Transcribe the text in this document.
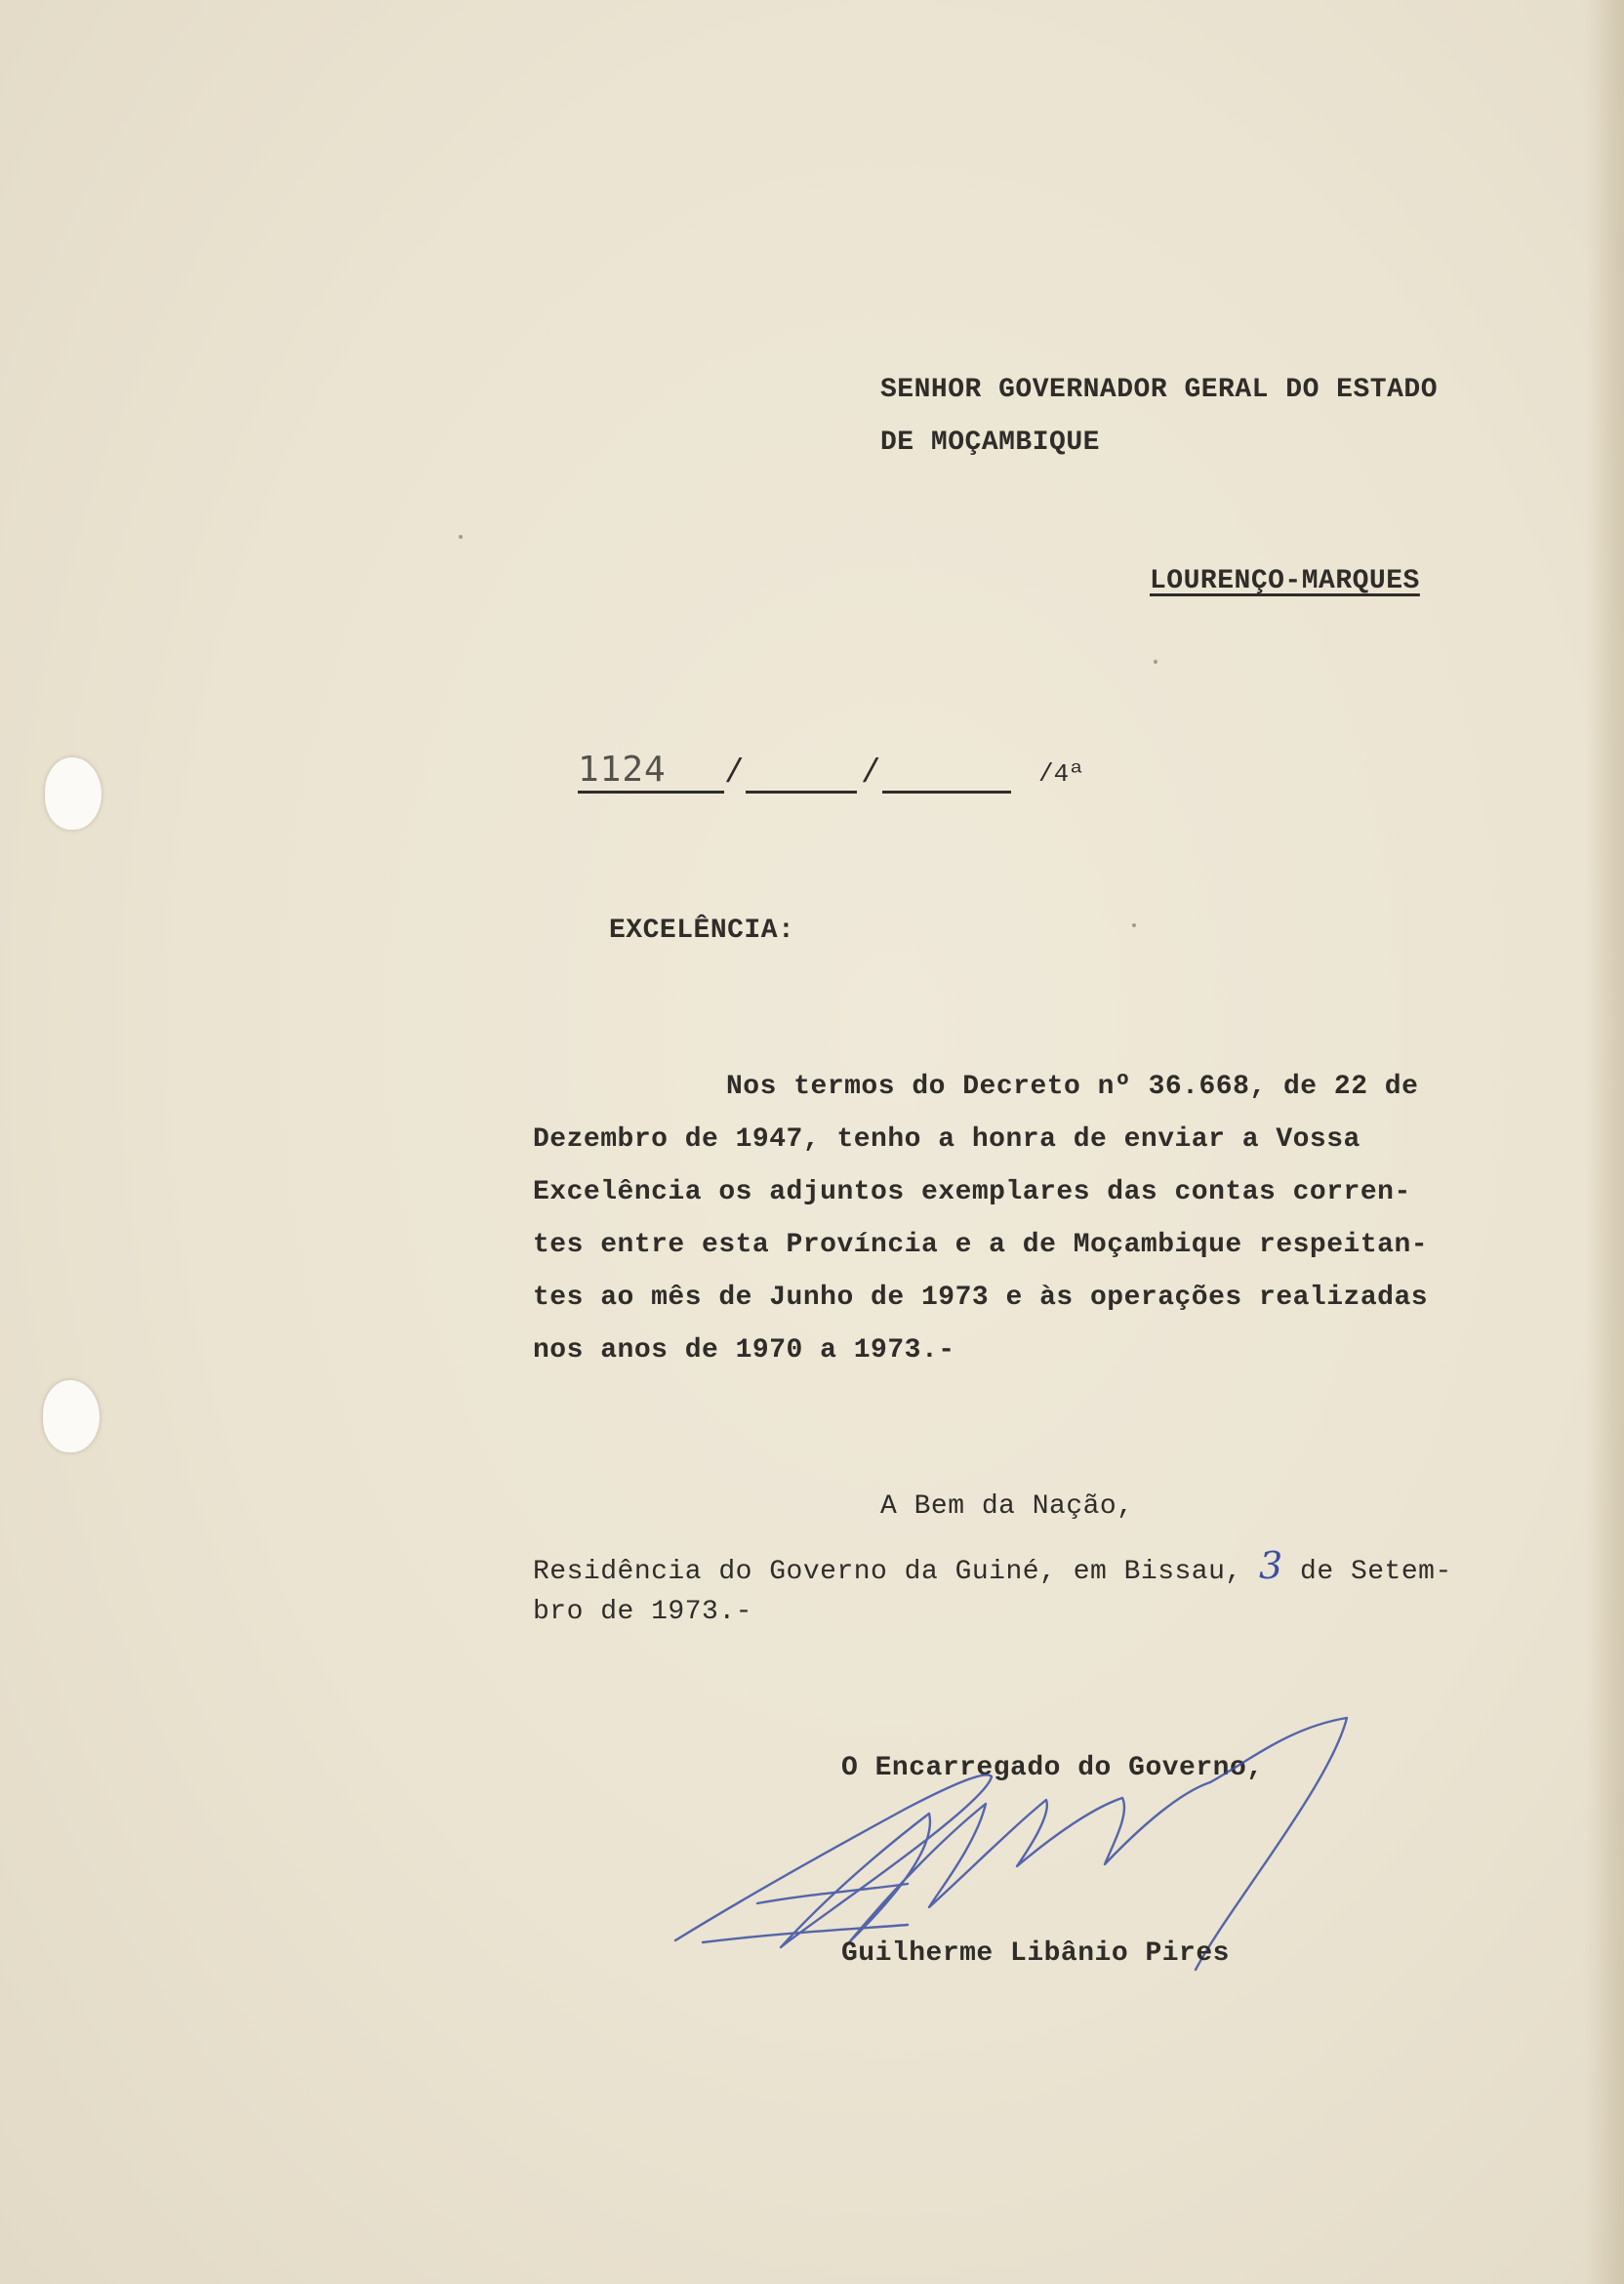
SENHOR GOVERNADOR GERAL DO ESTADO
DE MOÇAMBIQUE
LOURENÇO-MARQUES
1124 /	/	/4ª
EXCELÊNCIA:
Nos termos do Decreto nº 36.668, de 22 de
Dezembro de 1947, tenho a honra de enviar a Vossa
Excelência os adjuntos exemplares das contas corren-
tes entre esta Província e a de Moçambique respeitan-
tes ao mês de Junho de 1973 e às operações realizadas
nos anos de 1970 a 1973.-
A Bem da Nação,
Residência do Governo da Guiné, em Bissau, 3 de Setem-
bro de 1973.-
O Encarregado do Governo,
Guilherme Libânio Pires
